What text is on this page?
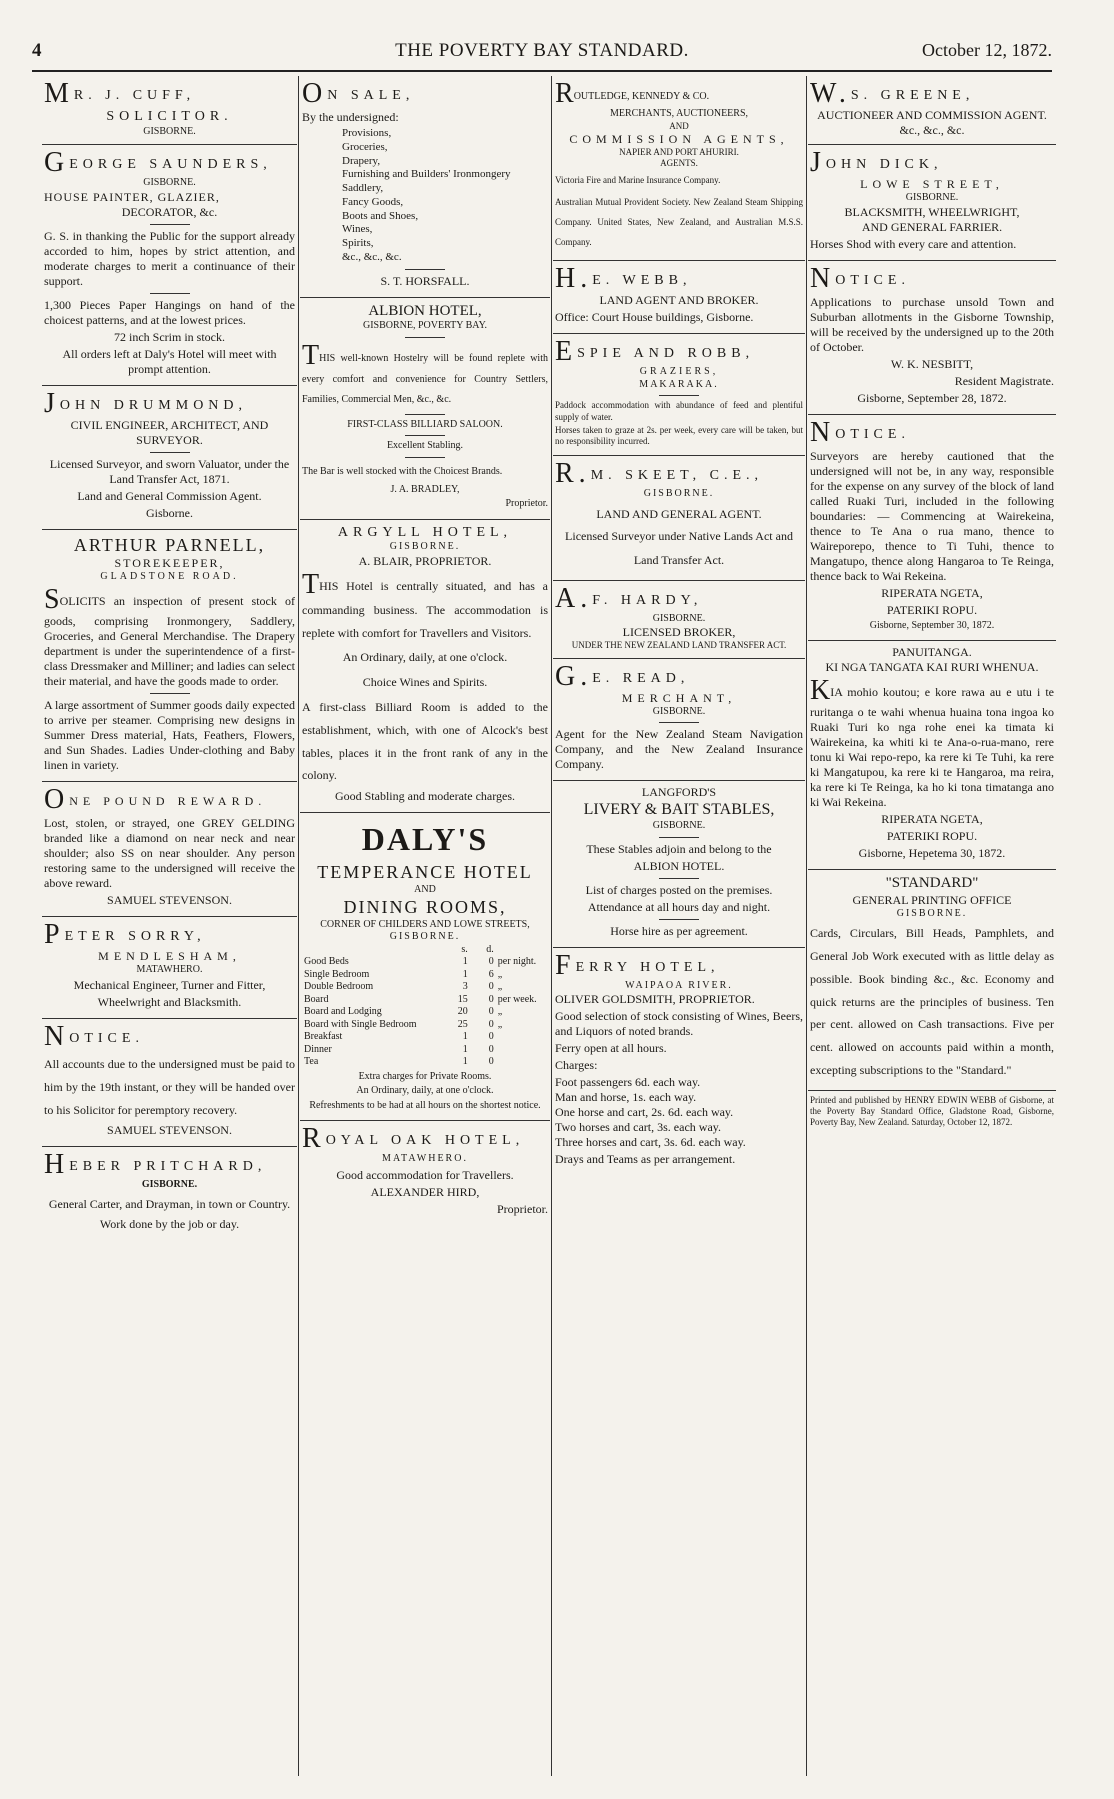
4	THE POVERTY BAY STANDARD.	October 12, 1872.
MR. J. CUFF,
SOLICITOR.
GISBORNE.
GEORGE SAUNDERS,
GISBORNE.
HOUSE PAINTER, GLAZIER,
DECORATOR, &c.

G. S. in thanking the Public for the support already accorded to him, hopes by strict attention, and moderate charges to merit a continuance of their support.

1,300 Pieces Paper Hangings on hand of the choicest patterns, and at the lowest prices.

72 inch Scrim in stock.

All orders left at Daly's Hotel will meet with prompt attention.

JOHN DRUMMOND,
CIVIL ENGINEER, ARCHITECT, AND SURVEYOR.

Licensed Surveyor, and sworn Valuator, under the Land Transfer Act, 1871.

Land and General Commission Agent.

Gisborne.

ARTHUR PARNELL,
STOREKEEPER,
GLADSTONE ROAD.

SOLICITS an inspection of present stock of goods, comprising Ironmongery, Saddlery, Groceries, and General Merchandise. The Drapery department is under the superintendence of a first-class Dressmaker and Milliner; and ladies can select their material, and have the goods made to order.

A large assortment of Summer goods daily expected to arrive per steamer. Comprising new designs in Summer Dress material, Hats, Feathers, Flowers, and Sun Shades. Ladies Under-clothing and Baby linen in variety.

ONE POUND REWARD.

Lost, stolen, or strayed, one GREY GELDING branded like a diamond on near neck and near shoulder; also SS on near shoulder. Any person restoring same to the undersigned will receive the above reward.

SAMUEL STEVENSON.

PETER SORRY,
MENDLESHAM,
MATAWHERO.

Mechanical Engineer, Turner and Fitter,

Wheelwright and Blacksmith.

NOTICE.

All accounts due to the undersigned must be paid to him by the 19th instant, or they will be handed over to his Solicitor for peremptory recovery.

SAMUEL STEVENSON.

HEBER PRITCHARD,
GISBORNE.

General Carter, and Drayman, in town or Country.

Work done by the job or day.

ON SALE,

By the undersigned:

Provisions,
Groceries,
Drapery,
Furnishing and Builders' Ironmongery
Saddlery,
Fancy Goods,
Boots and Shoes,
Wines,
Spirits,
&c., &c., &c.

S. T. HORSFALL.

ALBION HOTEL,
GISBORNE, POVERTY BAY.

THIS well-known Hostelry will be found replete with every comfort and convenience for Country Settlers, Families, Commercial Men, &c., &c.

FIRST-CLASS BILLIARD SALOON.

Excellent Stabling.

The Bar is well stocked with the Choicest Brands.

J. A. BRADLEY,

Proprietor.

ARGYLL HOTEL,
GISBORNE.
A. BLAIR, PROPRIETOR.

THIS Hotel is centrally situated, and has a commanding business. The accommodation is replete with comfort for Travellers and Visitors.

An Ordinary, daily, at one o'clock.

Choice Wines and Spirits.

A first-class Billiard Room is added to the establishment, which, with one of Alcock's best tables, places it in the front rank of any in the colony.

Good Stabling and moderate charges.

DALY'S
TEMPERANCE HOTEL
AND
DINING ROOMS,
CORNER OF CHILDERS AND LOWE STREETS,
GISBORNE.
	s.	d.	
Good Beds	1	0	per night.
Single Bedroom	1	6	„
Double Bedroom	3	0	„
Board	15	0	per week.
Board and Lodging	20	0	„
Board with Single Bedroom	25	0	„
Breakfast	1	0	
Dinner	1	0	
Tea	1	0	

Extra charges for Private Rooms.

An Ordinary, daily, at one o'clock.

Refreshments to be had at all hours on the shortest notice.

ROYAL OAK HOTEL,
MATAWHERO.

Good accommodation for Travellers.

ALEXANDER HIRD,

Proprietor.

ROUTLEDGE, KENNEDY & CO.
MERCHANTS, AUCTIONEERS,
AND
COMMISSION AGENTS,
NAPIER AND PORT AHURIRI.
AGENTS.

Victoria Fire and Marine Insurance Company.

Australian Mutual Provident Society. New Zealand Steam Shipping Company. United States, New Zealand, and Australian M.S.S. Company.

H.E. WEBB,
LAND AGENT AND BROKER.

Office: Court House buildings, Gisborne.

ESPIE AND ROBB,
GRAZIERS,
MAKARAKA.

Paddock accommodation with abundance of feed and plentiful supply of water.

Horses taken to graze at 2s. per week, every care will be taken, but no responsibility incurred.

R.M. SKEET, C.E.,
GISBORNE.
LAND AND GENERAL AGENT.

Licensed Surveyor under Native Lands Act and Land Transfer Act.

A.F. HARDY,
GISBORNE.
LICENSED BROKER,
UNDER THE NEW ZEALAND LAND TRANSFER ACT.
G.E. READ,
MERCHANT,
GISBORNE.

Agent for the New Zealand Steam Navigation Company, and the New Zealand Insurance Company.

LANGFORD'S
LIVERY & BAIT STABLES,
GISBORNE.

These Stables adjoin and belong to the

ALBION HOTEL.

List of charges posted on the premises.

Attendance at all hours day and night.

Horse hire as per agreement.

FERRY HOTEL,
WAIPAOA RIVER.
OLIVER GOLDSMITH, PROPRIETOR.

Good selection of stock consisting of Wines, Beers, and Liquors of noted brands.

Ferry open at all hours.

Charges:

Foot passengers 6d. each way.

Man and horse, 1s. each way.

One horse and cart, 2s. 6d. each way.

Two horses and cart, 3s. each way.

Three horses and cart, 3s. 6d. each way.

Drays and Teams as per arrangement.

W.S. GREENE,
AUCTIONEER AND COMMISSION AGENT.
&c., &c., &c.
JOHN DICK,
LOWE STREET,
GISBORNE.
BLACKSMITH, WHEELWRIGHT,
AND GENERAL FARRIER.

Horses Shod with every care and attention.

NOTICE.

Applications to purchase unsold Town and Suburban allotments in the Gisborne Township, will be received by the undersigned up to the 20th of October.

W. K. NESBITT,

Resident Magistrate.

Gisborne, September 28, 1872.

NOTICE.

Surveyors are hereby cautioned that the undersigned will not be, in any way, responsible for the expense on any survey of the block of land called Ruaki Turi, included in the following boundaries: — Commencing at Wairekeina, thence to Te Ana o rua mano, thence to Waireporepo, thence to Ti Tuhi, thence to Mangatupo, thence along Hangaroa to Te Reinga, thence back to Wai Rekeina.

RIPERATA NGETA,

PATERIKI ROPU.

Gisborne, September 30, 1872.

PANUITANGA.
KI NGA TANGATA KAI RURI WHENUA.

KIA mohio koutou; e kore rawa au e utu i te ruritanga o te wahi whenua huaina tona ingoa ko Ruaki Turi ko nga rohe enei ka timata ki Wairekeina, ka whiti ki te Ana-o-rua-mano, rere tonu ki Wai repo-repo, ka rere ki Te Tuhi, ka rere ki Mangatupou, ka rere ki te Hangaroa, ma reira, ka rere ki Te Reinga, ka ho ki tona timatanga ano ki Wai Rekeina.

RIPERATA NGETA,

PATERIKI ROPU.

Gisborne, Hepetema 30, 1872.

"STANDARD"
GENERAL PRINTING OFFICE
GISBORNE.

Cards, Circulars, Bill Heads, Pamphlets, and General Job Work executed with as little delay as possible. Book binding &c., &c. Economy and quick returns are the principles of business. Ten per cent. allowed on Cash transactions. Five per cent. allowed on accounts paid within a month, excepting subscriptions to the "Standard."

Printed and published by HENRY EDWIN WEBB of Gisborne, at the Poverty Bay Standard Office, Gladstone Road, Gisborne, Poverty Bay, New Zealand. Saturday, October 12, 1872.
